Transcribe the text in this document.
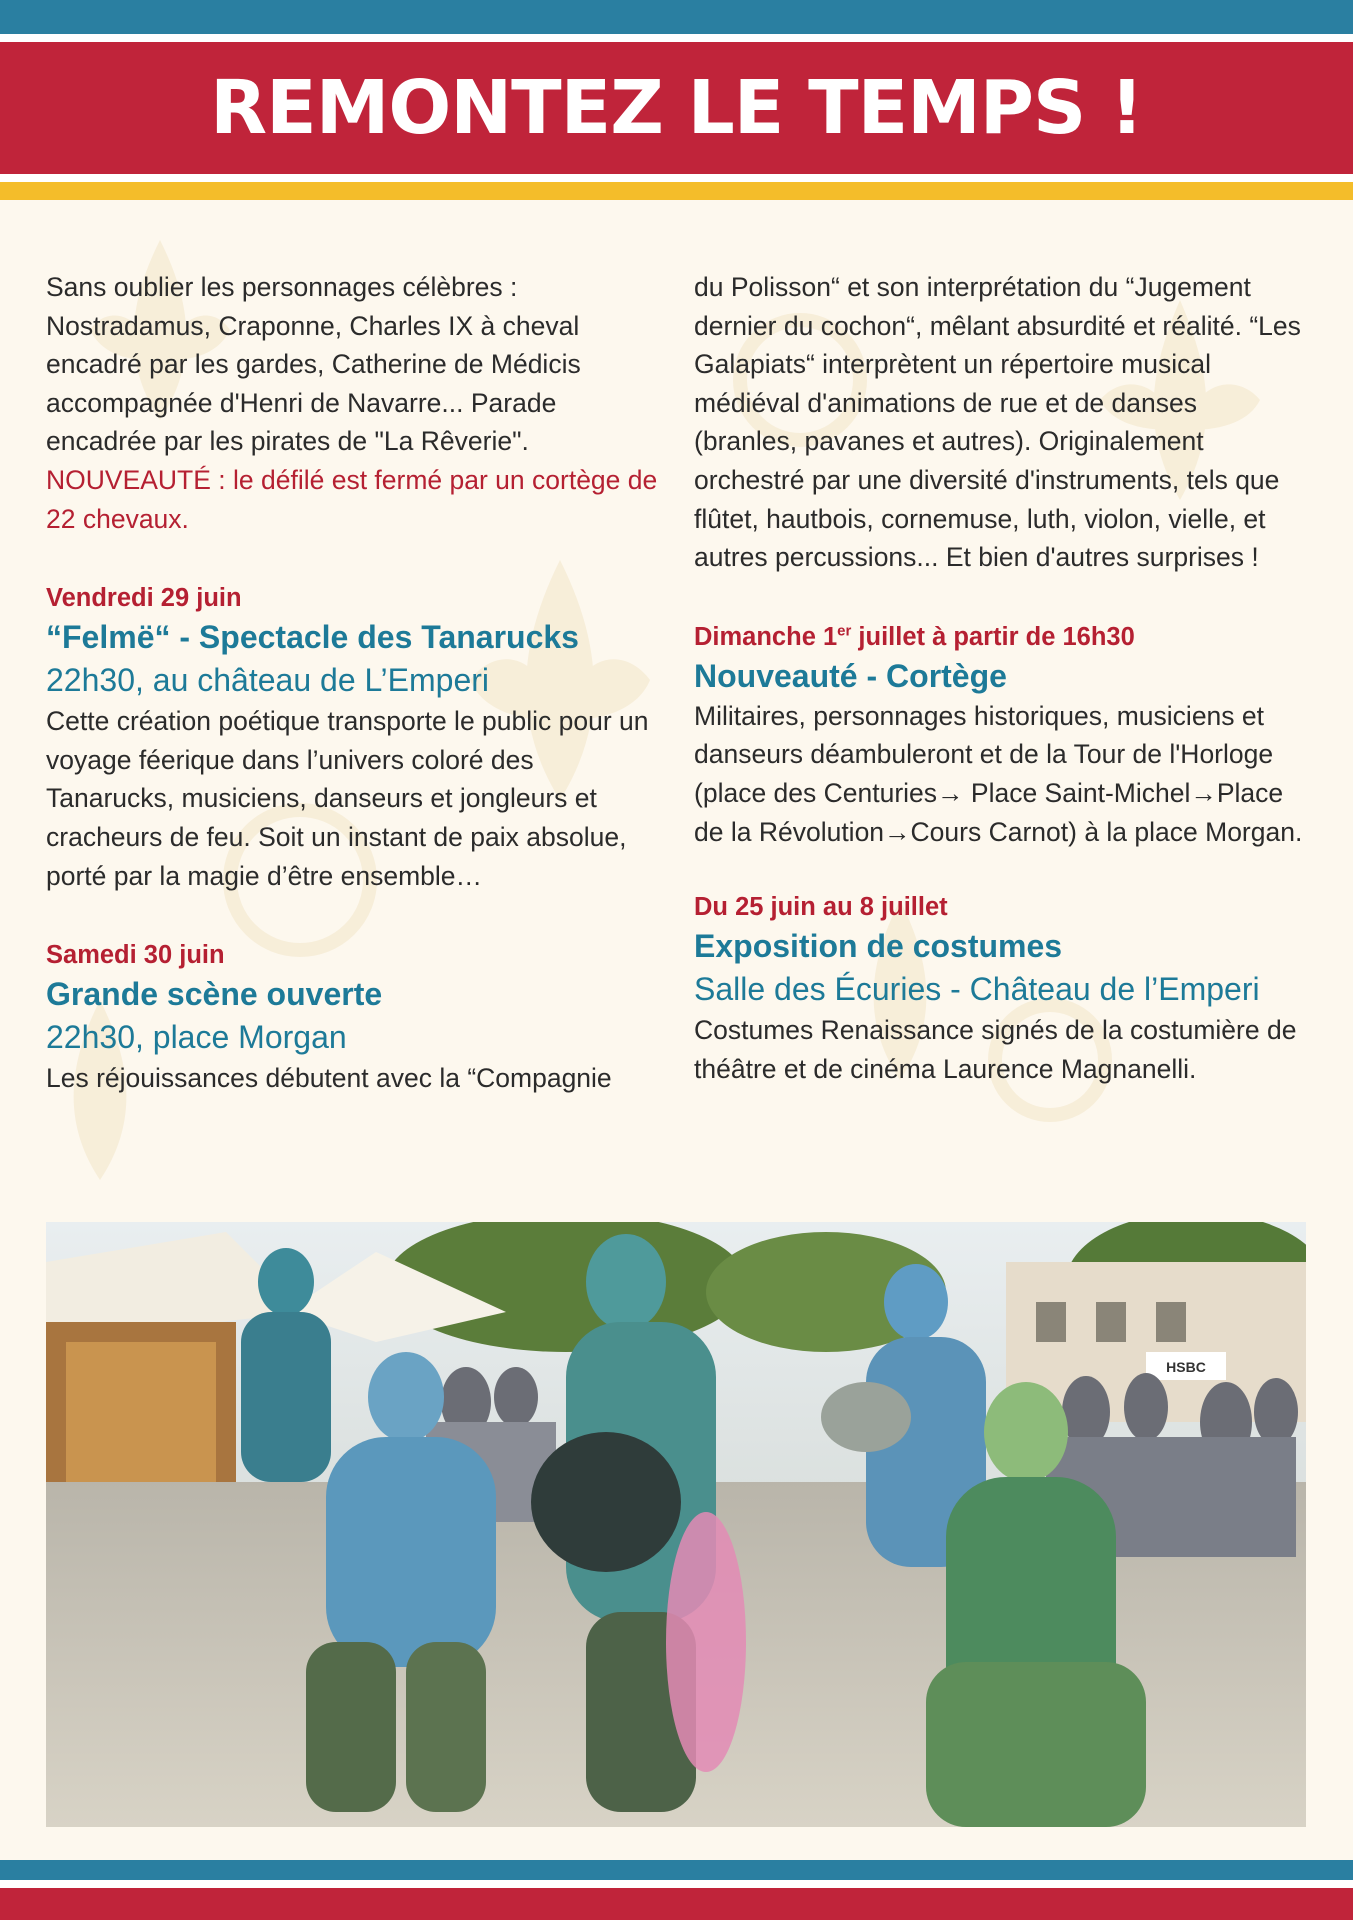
REMONTEZ LE TEMPS !

Sans oublier les personnages célèbres : Nostradamus, Craponne, Charles IX à cheval encadré par les gardes, Catherine de Médicis accompagnée d'Henri de Navarre... Parade encadrée par les pirates de "La Rêverie".

NOUVEAUTÉ : le défilé est fermé par un cortège de 22 chevaux.

Vendredi 29 juin

“Felmë“ - Spectacle des Tanarucks

22h30, au château de L’Emperi

Cette création poétique transporte le public pour un voyage féerique dans l’univers coloré des Tanarucks, musiciens, danseurs et jongleurs et cracheurs de feu. Soit un instant de paix absolue, porté par la magie d’être ensemble…

Samedi 30 juin

Grande scène ouverte

22h30, place Morgan

Les réjouissances débutent avec la “Compagnie

du Polisson“ et son interprétation du “Jugement dernier du cochon“, mêlant absurdité et réalité. “Les Galapiats“ interprètent un répertoire musical médiéval d'animations de rue et de danses (branles, pavanes et autres). Originalement orchestré par une diversité d'instruments, tels que flûtet, hautbois, cornemuse, luth, violon, vielle, et autres percussions... Et bien d'autres surprises !

Dimanche 1er juillet à partir de 16h30

Nouveauté - Cortège

Militaires, personnages historiques, musiciens et danseurs déambuleront et de la Tour de l'Horloge (place des Centuries→ Place Saint-Michel→Place de la Révolution→Cours Carnot) à la place Morgan.

Du 25 juin au 8 juillet

Exposition de costumes

Salle des Écuries - Château de l’Emperi

Costumes Renaissance signés de la costumière de théâtre et de cinéma Laurence Magnanelli.

HSBC
